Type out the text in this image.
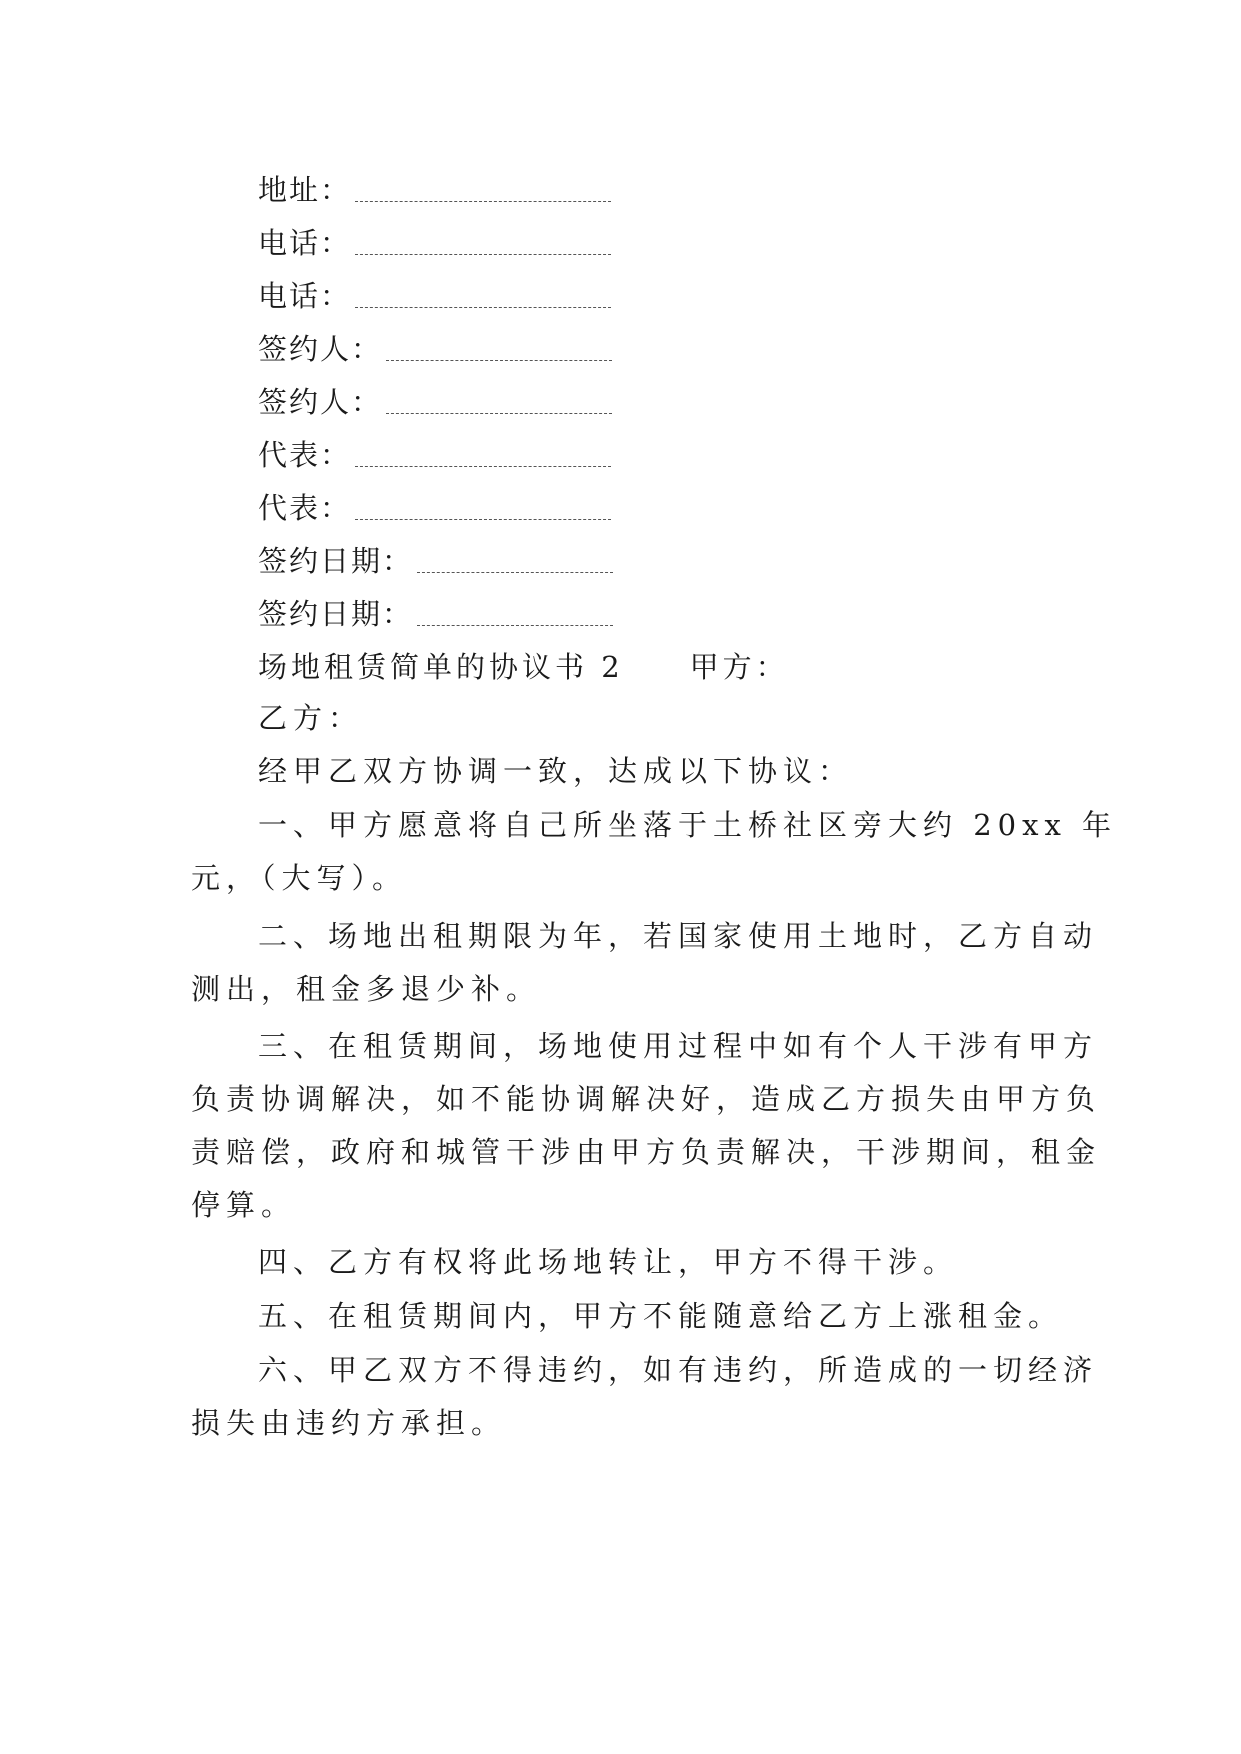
地址：
电话：
电话：
签约人：
签约人：
代表：
代表：
签约日期：
签约日期：
场地租赁简单的协议书 2 甲方：
乙方：
经甲乙双方协调一致，达成以下协议：
一、甲方愿意将自己所坐落于土桥社区旁大约 20xx 年
元，（大写）。
二、场地出租期限为年，若国家使用土地时，乙方自动
测出，租金多退少补。
三、在租赁期间，场地使用过程中如有个人干涉有甲方
负责协调解决，如不能协调解决好，造成乙方损失由甲方负
责赔偿，政府和城管干涉由甲方负责解决，干涉期间，租金
停算。
四、乙方有权将此场地转让，甲方不得干涉。
五、在租赁期间内，甲方不能随意给乙方上涨租金。
六、甲乙双方不得违约，如有违约，所造成的一切经济
损失由违约方承担。
